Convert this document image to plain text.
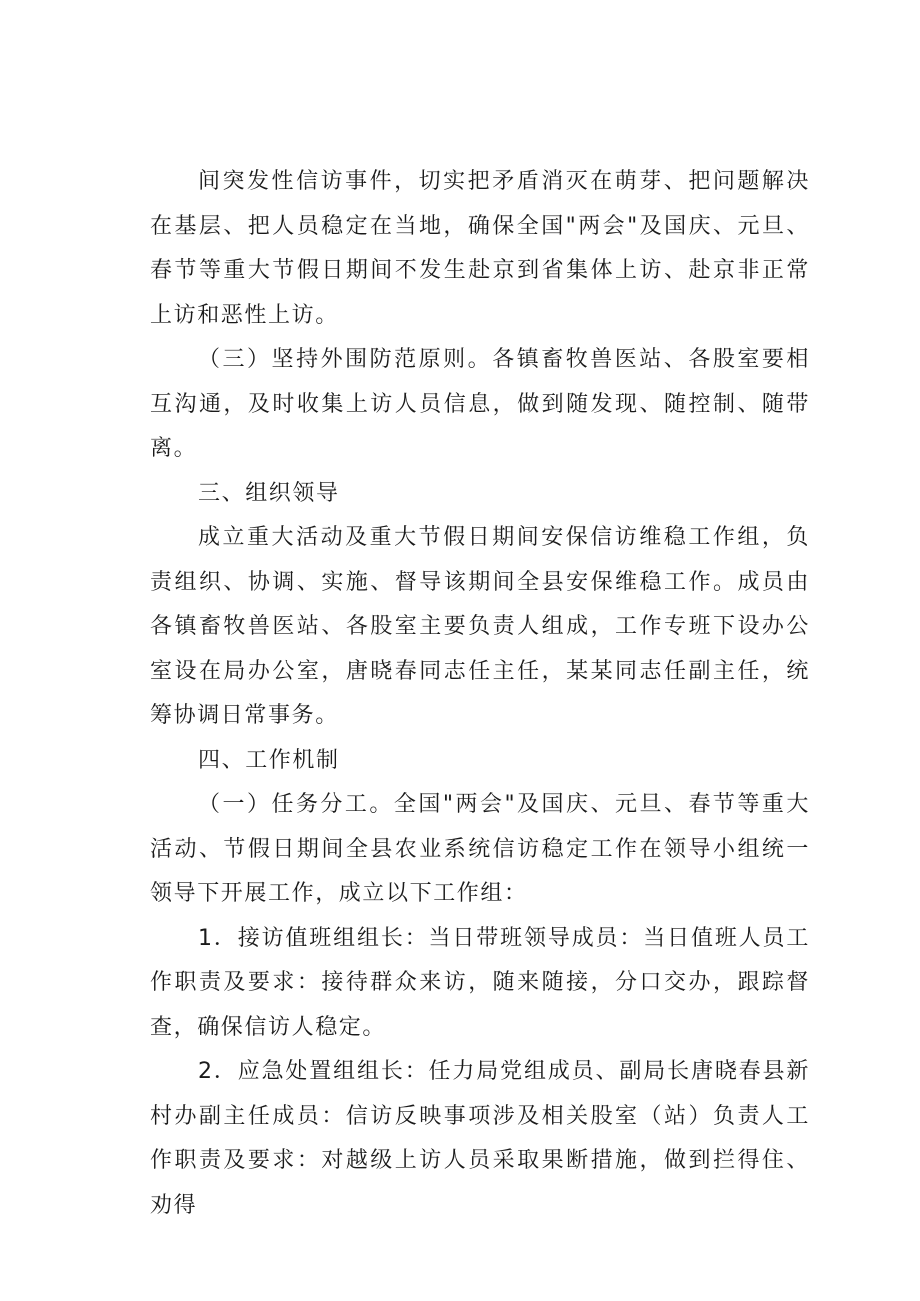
间突发性信访事件，切实把矛盾消灭在萌芽、把问题解决在基层、把人员稳定在当地，确保全国"两会"及国庆、元旦、春节等重大节假日期间不发生赴京到省集体上访、赴京非正常上访和恶性上访。

（三）坚持外围防范原则。各镇畜牧兽医站、各股室要相互沟通，及时收集上访人员信息，做到随发现、随控制、随带离。

三、组织领导

成立重大活动及重大节假日期间安保信访维稳工作组，负责组织、协调、实施、督导该期间全县安保维稳工作。成员由各镇畜牧兽医站、各股室主要负责人组成，工作专班下设办公室设在局办公室，唐晓春同志任主任，某某同志任副主任，统筹协调日常事务。

四、工作机制

（一）任务分工。全国"两会"及国庆、元旦、春节等重大活动、节假日期间全县农业系统信访稳定工作在领导小组统一领导下开展工作，成立以下工作组：

1．接访值班组组长：当日带班领导成员：当日值班人员工作职责及要求：接待群众来访，随来随接，分口交办，跟踪督查，确保信访人稳定。

2．应急处置组组长：任力局党组成员、副局长唐晓春县新村办副主任成员：信访反映事项涉及相关股室（站）负责人工作职责及要求：对越级上访人员采取果断措施，做到拦得住、劝得
